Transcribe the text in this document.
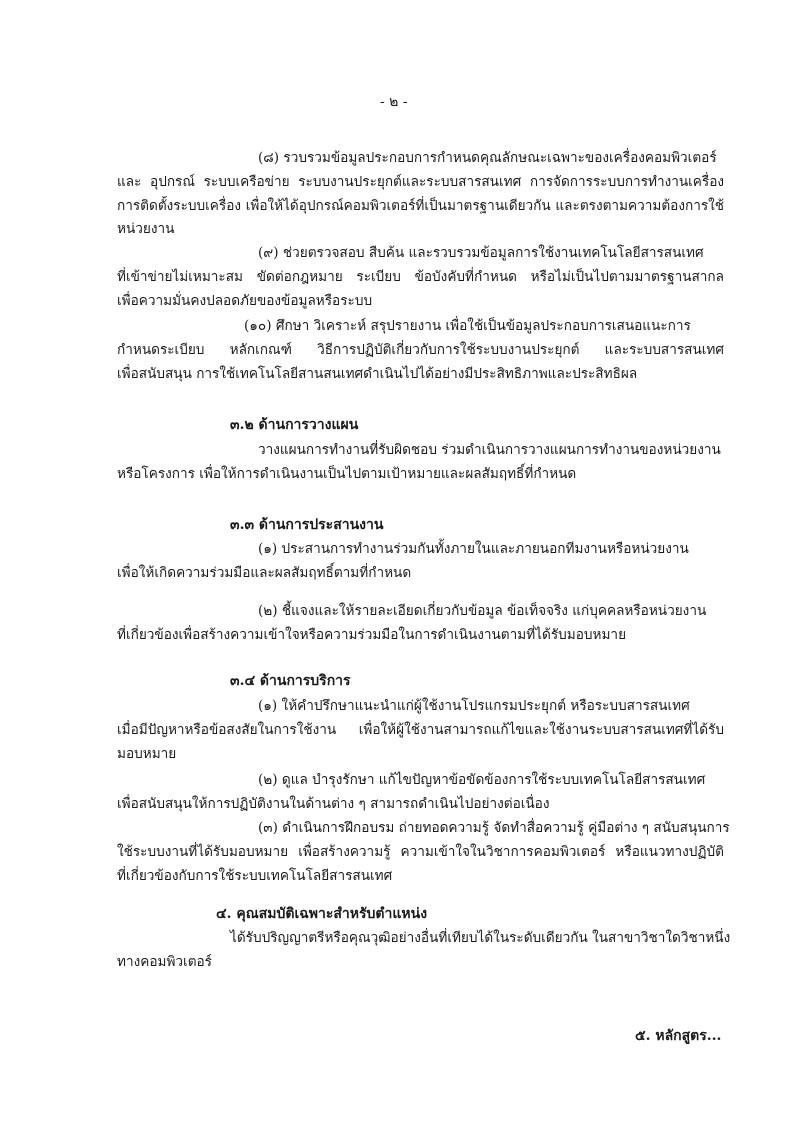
- ๒ -
(๘) รวบรวมข้อมูลประกอบการกำหนดคุณลักษณะเฉพาะของเครื่องคอมพิวเตอร์
และ อุปกรณ์ ระบบเครือข่าย ระบบงานประยุกต์และระบบสารสนเทศ การจัดการระบบการทำงานเครื่อง
การติดตั้งระบบเครื่อง เพื่อให้ได้อุปกรณ์คอมพิวเตอร์ที่เป็นมาตรฐานเดียวกัน และตรงตามความต้องการใช้
หน่วยงาน
(๙) ช่วยตรวจสอบ สืบค้น และรวบรวมข้อมูลการใช้งานเทคโนโลยีสารสนเทศ
ที่เข้าข่ายไม่เหมาะสม ขัดต่อกฎหมาย ระเบียบ ข้อบังคับที่กำหนด หรือไม่เป็นไปตามมาตรฐานสากล
เพื่อความมั่นคงปลอดภัยของข้อมูลหรือระบบ
(๑๐) ศึกษา วิเคราะห์ สรุปรายงาน เพื่อใช้เป็นข้อมูลประกอบการเสนอแนะการ
กำหนดระเบียบ หลักเกณฑ์ วิธีการปฏิบัติเกี่ยวกับการใช้ระบบงานประยุกต์ และระบบสารสนเทศ
เพื่อสนับสนุน การใช้เทคโนโลยีสานสนเทศดำเนินไปได้อย่างมีประสิทธิภาพและประสิทธิผล
๓.๒ ด้านการวางแผน
วางแผนการทำงานที่รับผิดชอบ ร่วมดำเนินการวางแผนการทำงานของหน่วยงาน
หรือโครงการ เพื่อให้การดำเนินงานเป็นไปตามเป้าหมายและผลสัมฤทธิ์ที่กำหนด
๓.๓ ด้านการประสานงาน
(๑) ประสานการทำงานร่วมกันทั้งภายในและภายนอกทีมงานหรือหน่วยงาน
เพื่อให้เกิดความร่วมมือและผลสัมฤทธิ์ตามที่กำหนด
(๒) ชี้แจงและให้รายละเอียดเกี่ยวกับข้อมูล ข้อเท็จจริง แก่บุคคลหรือหน่วยงาน
ที่เกี่ยวข้องเพื่อสร้างความเข้าใจหรือความร่วมมือในการดำเนินงานตามที่ได้รับมอบหมาย
๓.๔ ด้านการบริการ
(๑) ให้คำปรึกษาแนะนำแก่ผู้ใช้งานโปรแกรมประยุกต์ หรือระบบสารสนเทศ
เมื่อมีปัญหาหรือข้อสงสัยในการใช้งาน เพื่อให้ผู้ใช้งานสามารถแก้ไขและใช้งานระบบสารสนเทศที่ได้รับ
มอบหมาย
(๒) ดูแล บำรุงรักษา แก้ไขปัญหาข้อขัดข้องการใช้ระบบเทคโนโลยีสารสนเทศ
เพื่อสนับสนุนให้การปฏิบัติงานในด้านต่าง ๆ สามารถดำเนินไปอย่างต่อเนื่อง
(๓) ดำเนินการฝึกอบรม ถ่ายทอดความรู้ จัดทำสื่อความรู้ คู่มือต่าง ๆ สนับสนุนการ
ใช้ระบบงานที่ได้รับมอบหมาย เพื่อสร้างความรู้ ความเข้าใจในวิชาการคอมพิวเตอร์ หรือแนวทางปฏิบัติ
ที่เกี่ยวข้องกับการใช้ระบบเทคโนโลยีสารสนเทศ
๔. คุณสมบัติเฉพาะสำหรับตำแหน่ง
ได้รับปริญญาตรีหรือคุณวุฒิอย่างอื่นที่เทียบได้ในระดับเดียวกัน ในสาขาวิชาใดวิชาหนึ่ง
ทางคอมพิวเตอร์
๕. หลักสูตร...
